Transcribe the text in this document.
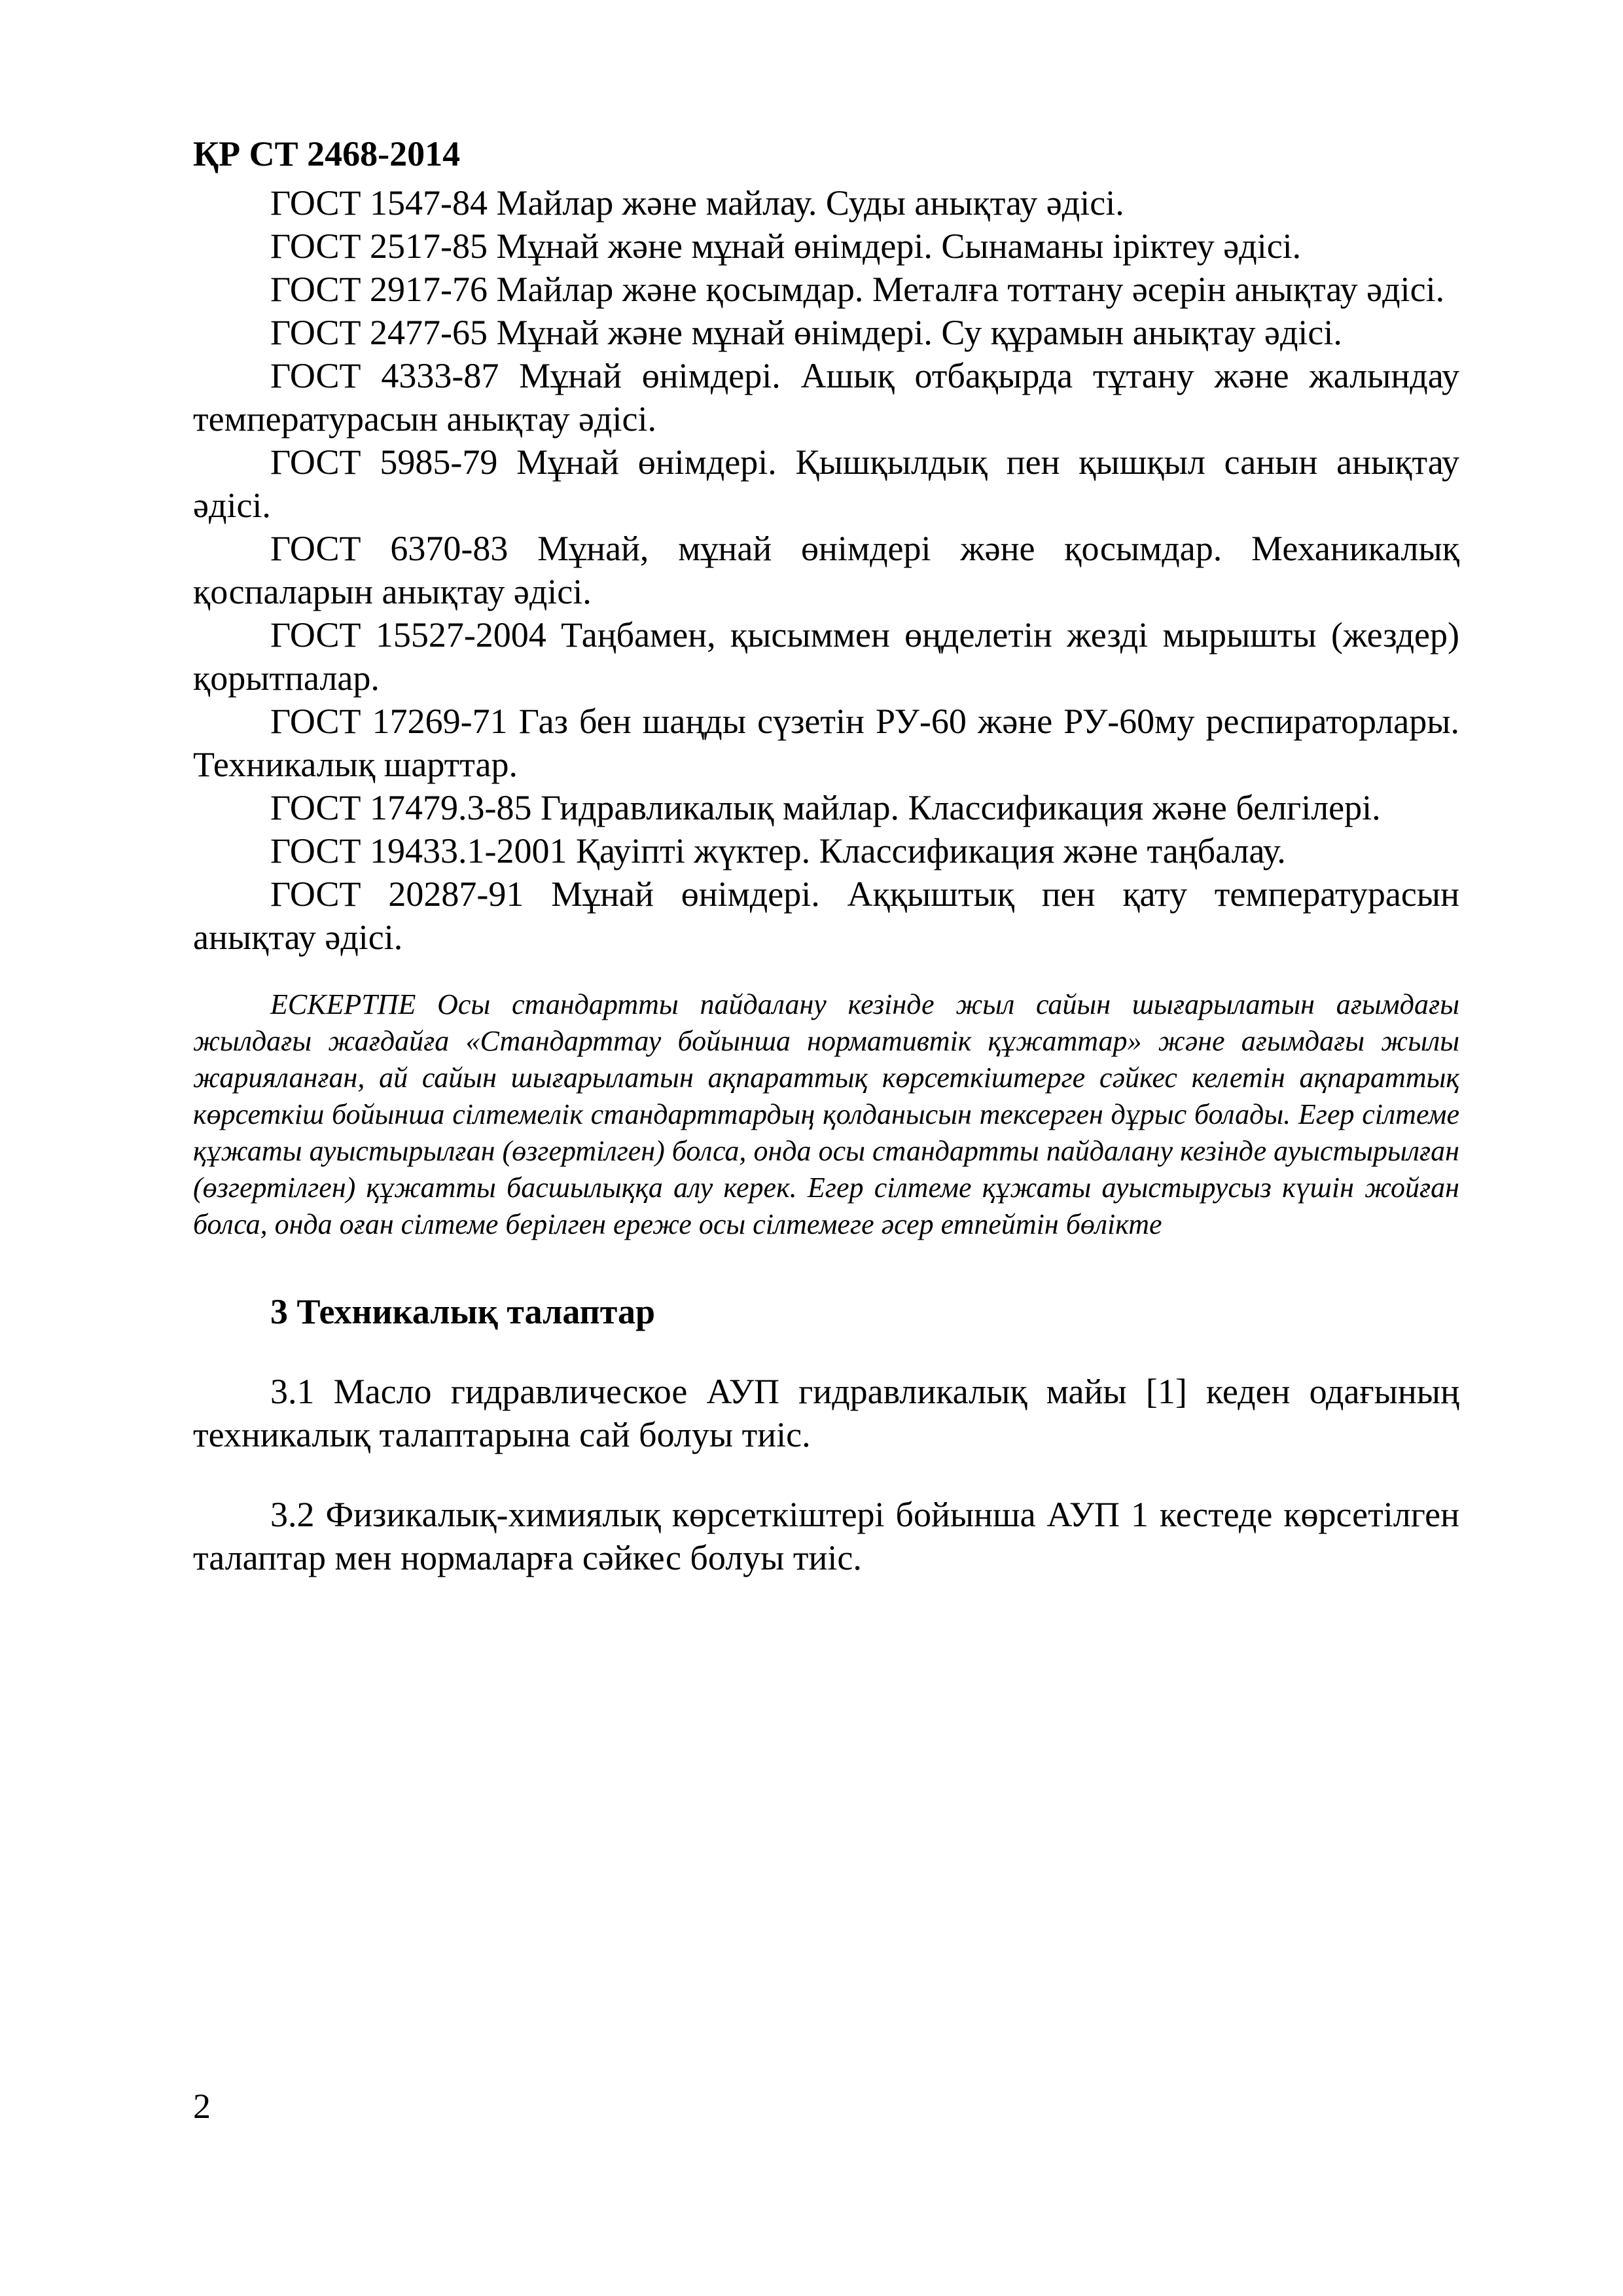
ҚР СТ 2468-2014

ГОСТ 1547-84 Майлар және майлау. Суды анықтау әдісі.

ГОСТ 2517-85 Мұнай және мұнай өнімдері. Сынаманы іріктеу әдісі.

ГОСТ 2917-76 Майлар және қосымдар. Металға тоттану әсерін анықтау әдісі.

ГОСТ 2477-65 Мұнай және мұнай өнімдері. Су құрамын анықтау әдісі.

ГОСТ 4333-87 Мұнай өнімдері. Ашық отбақырда тұтану және жалындау температурасын анықтау әдісі.

ГОСТ 5985-79 Мұнай өнімдері. Қышқылдық пен қышқыл санын анықтау әдісі.

ГОСТ 6370-83 Мұнай, мұнай өнімдері және қосымдар. Механикалық қоспаларын анықтау әдісі.

ГОСТ 15527-2004 Таңбамен, қысыммен өңделетін жезді мырышты (жездер) қорытпалар.

ГОСТ 17269-71 Газ бен шаңды сүзетін РУ-60 және РУ-60му респираторлары. Техникалық шарттар.

ГОСТ 17479.3-85 Гидравликалық майлар. Классификация және белгілері.

ГОСТ 19433.1-2001 Қауіпті жүктер. Классификация және таңбалау.

ГОСТ 20287-91 Мұнай өнімдері. Аққыштық пен қату температурасын анықтау әдісі.

ЕСКЕРТПЕ Осы стандартты пайдалану кезінде жыл сайын шығарылатын ағымдағы жылдағы жағдайға «Стандарттау бойынша нормативтік құжаттар» және ағымдағы жылы жарияланған, ай сайын шығарылатын ақпараттық көрсеткіштерге сәйкес келетін ақпараттық көрсеткіш бойынша сілтемелік стандарттардың қолданысын тексерген дұрыс болады. Егер сілтеме құжаты ауыстырылған (өзгертілген) болса, онда осы стандартты пайдалану кезінде ауыстырылған (өзгертілген) құжатты басшылыққа алу керек. Егер сілтеме құжаты ауыстырусыз күшін жойған болса, онда оған сілтеме берілген ереже осы сілтемеге әсер етпейтін бөлікте
3 Техникалық талаптар
3.1 Масло гидравлическое АУП гидравликалық майы [1] кеден одағының техникалық талаптарына сай болуы тиіс.
3.2 Физикалық-химиялық көрсеткіштері бойынша АУП 1 кестеде көрсетілген талаптар мен нормаларға сәйкес болуы тиіс.
2
